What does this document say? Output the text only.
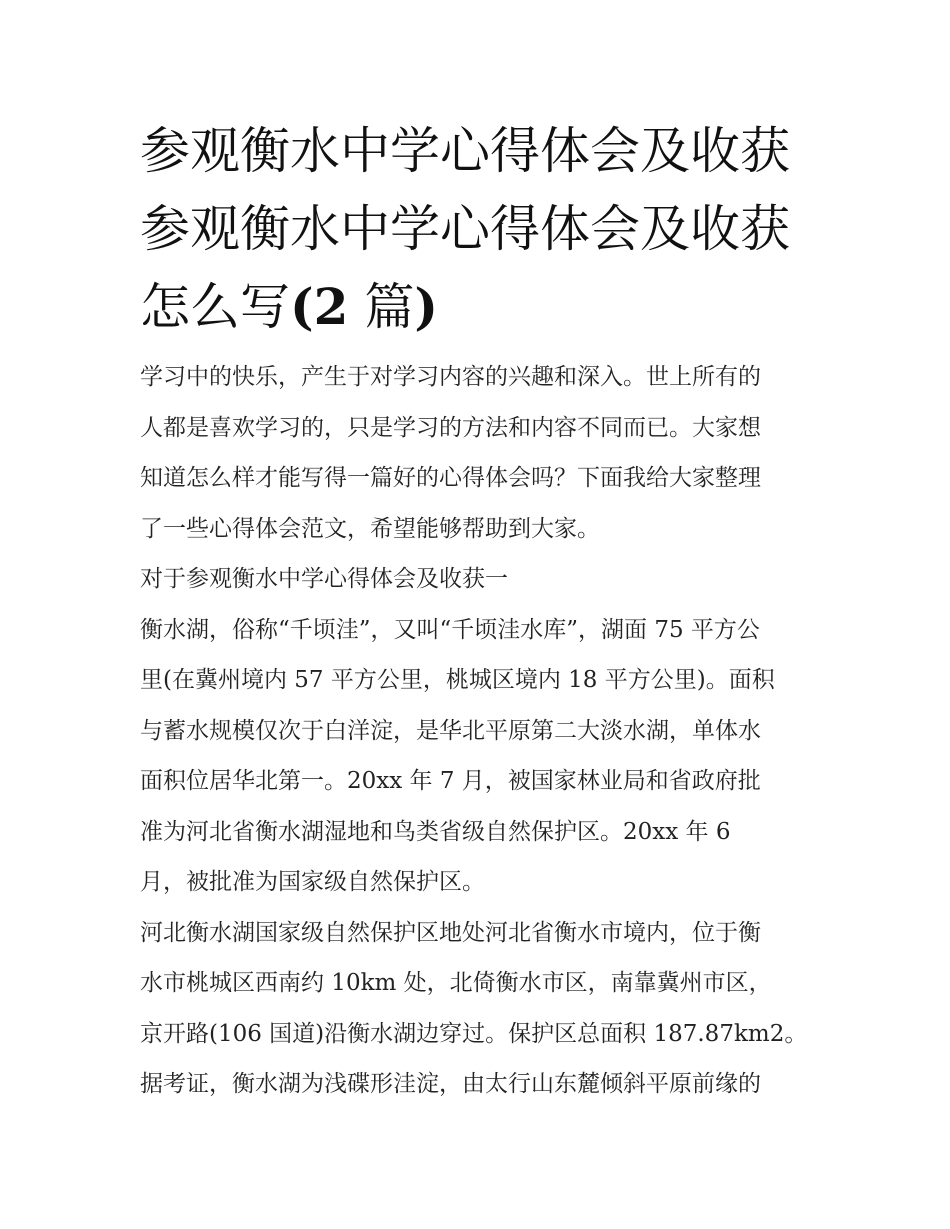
参观衡水中学心得体会及收获
参观衡水中学心得体会及收获
怎么写(2 篇)
学习中的快乐，产生于对学习内容的兴趣和深入。世上所有的
人都是喜欢学习的，只是学习的方法和内容不同而已。大家想
知道怎么样才能写得一篇好的心得体会吗？下面我给大家整理
了一些心得体会范文，希望能够帮助到大家。
对于参观衡水中学心得体会及收获一
衡水湖，俗称“千顷洼”，又叫“千顷洼水库”，湖面 75 平方公
里(在冀州境内 57 平方公里，桃城区境内 18 平方公里)。面积
与蓄水规模仅次于白洋淀，是华北平原第二大淡水湖，单体水
面积位居华北第一。20xx 年 7 月，被国家林业局和省政府批
准为河北省衡水湖湿地和鸟类省级自然保护区。20xx 年 6
月，被批准为国家级自然保护区。
河北衡水湖国家级自然保护区地处河北省衡水市境内，位于衡
水市桃城区西南约 10km 处，北倚衡水市区，南靠冀州市区，
京开路(106 国道)沿衡水湖边穿过。保护区总面积 187.87km2。
据考证，衡水湖为浅碟形洼淀，由太行山东麓倾斜平原前缘的
